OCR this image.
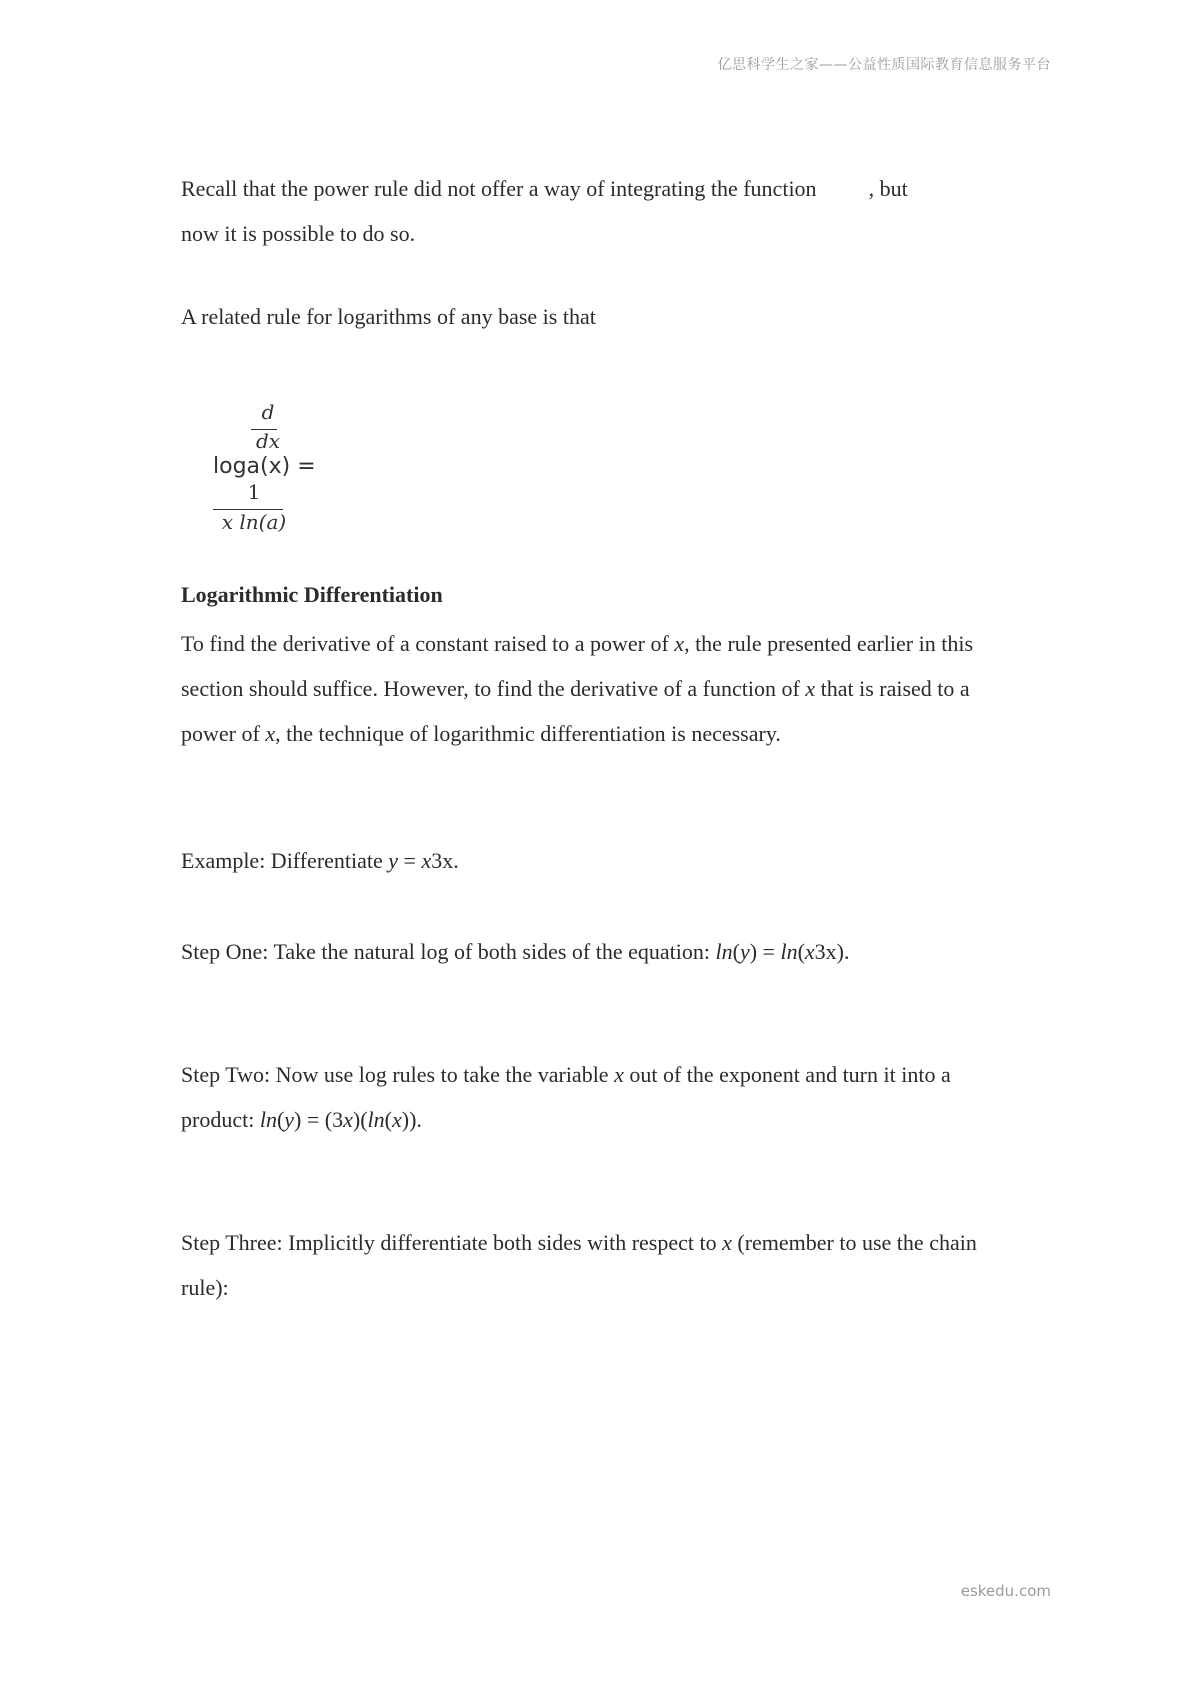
亿思科学生之家——公益性质国际教育信息服务平台

Recall that the power rule did not offer a way of integrating the function , but
now it is possible to do so.

A related rule for logarithms of any base is that

d
dx
loga(x) =
1
x ln(a)

Logarithmic Differentiation

To find the derivative of a constant raised to a power of x, the rule presented earlier in this section should suffice. However, to find the derivative of a function of x that is raised to a power of x, the technique of logarithmic differentiation is necessary.

Example: Differentiate y = x3x.

Step One: Take the natural log of both sides of the equation: ln(y) = ln(x3x).

Step Two: Now use log rules to take the variable x out of the exponent and turn it into a product: ln(y) = (3x)(ln(x)).

Step Three: Implicitly differentiate both sides with respect to x (remember to use the chain rule):

eskedu.com
